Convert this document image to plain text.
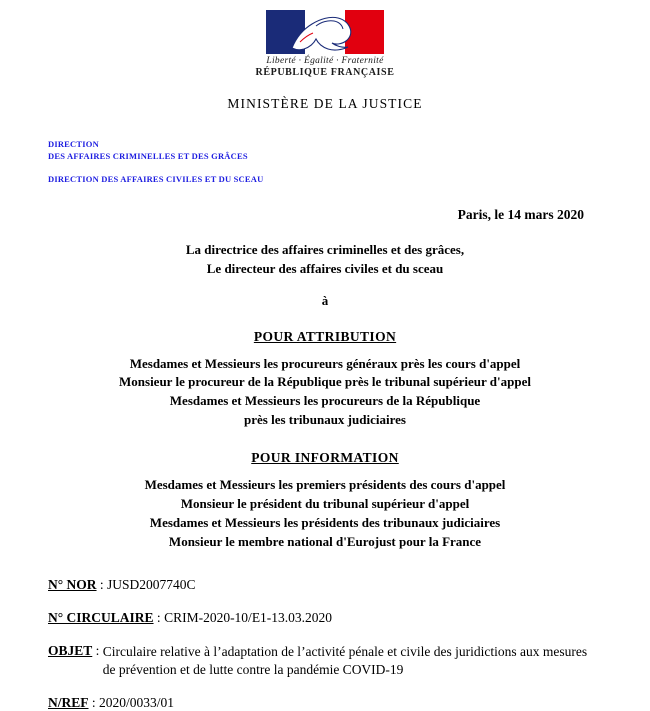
Liberté · Égalité · Fraternité
RÉPUBLIQUE FRANÇAISE
MINISTÈRE DE LA JUSTICE
DIRECTION
DES AFFAIRES CRIMINELLES ET DES GRÂCES
DIRECTION DES AFFAIRES CIVILES ET DU SCEAU
Paris, le 14 mars 2020
La directrice des affaires criminelles et des grâces,
Le directeur des affaires civiles et du sceau
à
POUR ATTRIBUTION
Mesdames et Messieurs les procureurs généraux près les cours d'appel
Monsieur le procureur de la République près le tribunal supérieur d'appel
Mesdames et Messieurs les procureurs de la République
près les tribunaux judiciaires
POUR INFORMATION
Mesdames et Messieurs les premiers présidents des cours d'appel
Monsieur le président du tribunal supérieur d'appel
Mesdames et Messieurs les présidents des tribunaux judiciaires
Monsieur le membre national d'Eurojust pour la France
N° NOR : JUSD2007740C
N° CIRCULAIRE : CRIM-2020-10/E1-13.03.2020
OBJET : Circulaire relative à l’adaptation de l’activité pénale et civile des juridictions aux mesures de prévention et de lutte contre la pandémie COVID-19
N/REF : 2020/0033/01
